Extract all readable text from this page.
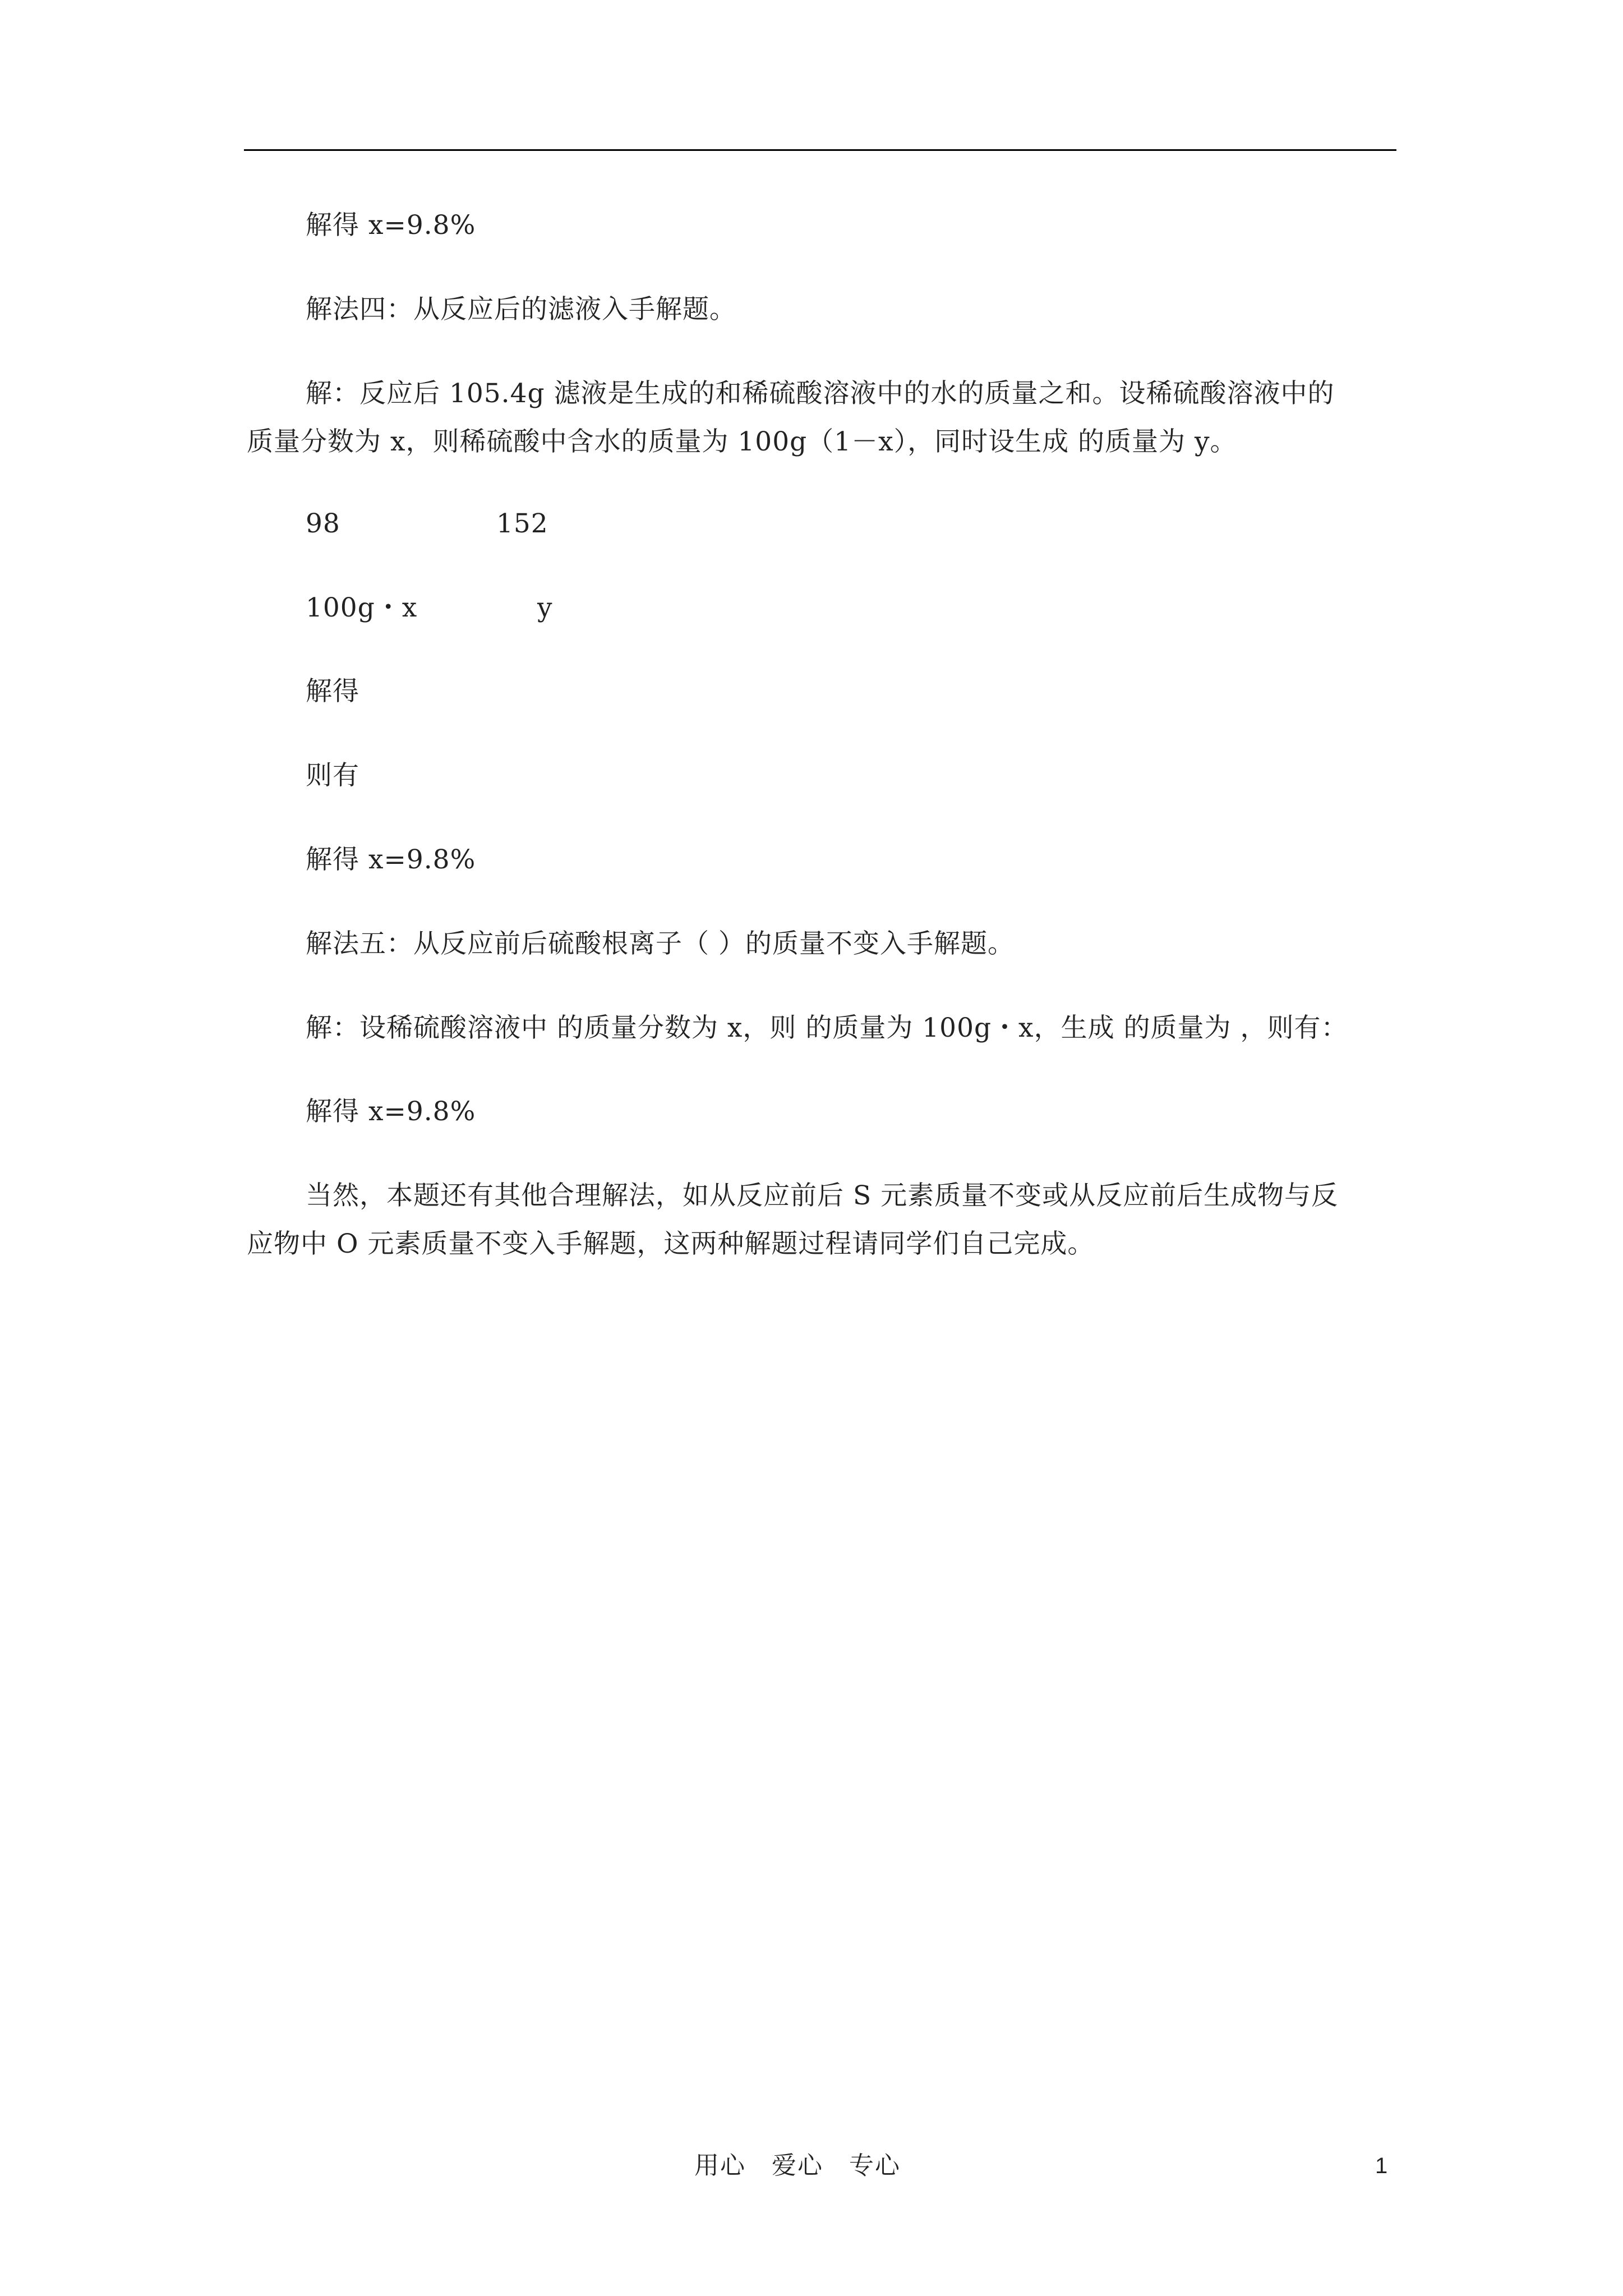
解得 x=9.8%
解法四：从反应后的滤液入手解题。
解：反应后 105.4g 滤液是生成的和稀硫酸溶液中的水的质量之和。设稀硫酸溶液中的
质量分数为 x，则稀硫酸中含水的质量为 100g（1－x），同时设生成 的质量为 y。
98	152
100g・x	y
解得
则有
解得 x=9.8%
解法五：从反应前后硫酸根离子（ ）的质量不变入手解题。
解：设稀硫酸溶液中 的质量分数为 x，则 的质量为 100g・x，生成 的质量为 ，则有：
解得 x=9.8%
当然，本题还有其他合理解法，如从反应前后 S 元素质量不变或从反应前后生成物与反
应物中 O 元素质量不变入手解题，这两种解题过程请同学们自己完成。
用心　爱心　专心	1
